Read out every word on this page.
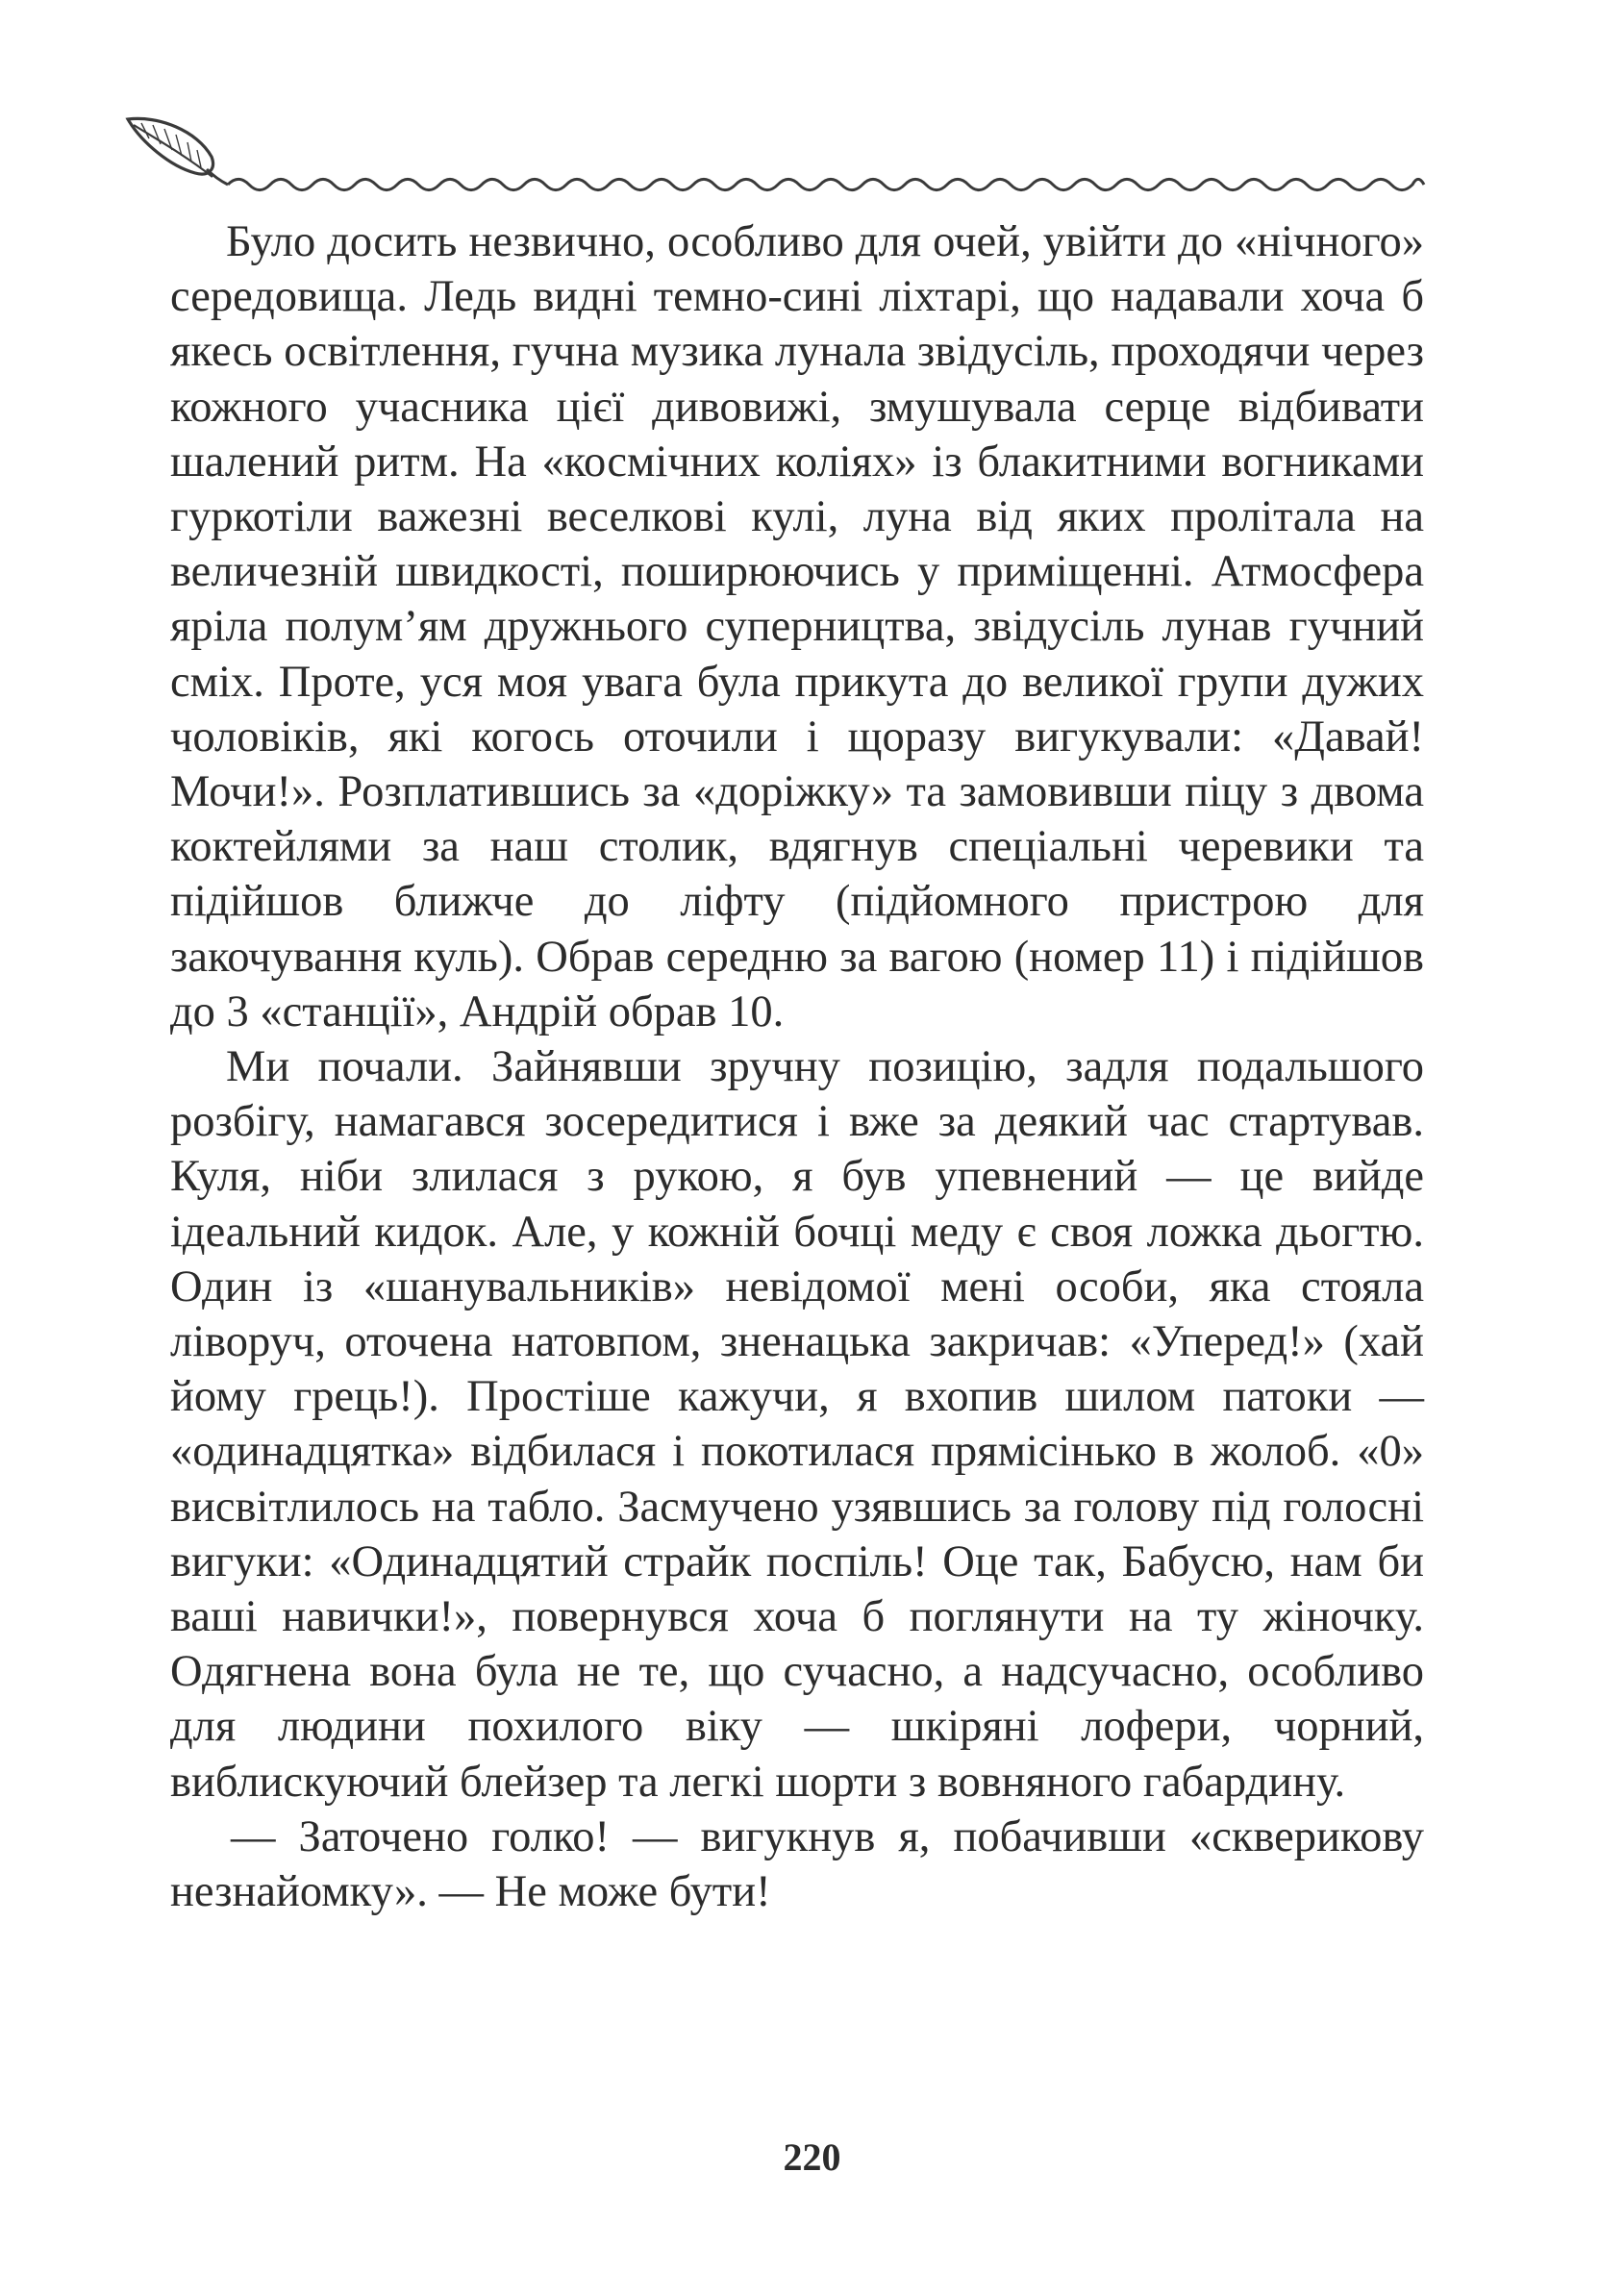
Було досить незвично, особливо для очей, увійти до «нічного» середовища. Ледь видні темно-сині ліхтарі, що надавали хоча б якесь освітлення, гучна музика лунала звідусіль, проходячи через кожного учасника цієї дивовижі, змушувала серце відбивати шалений ритм. На «космічних коліях» із блакитними вогниками гуркотіли важезні веселкові кулі, луна від яких пролітала на величезній швидкості, поширюючись у приміщенні. Атмосфера яріла полум’ям дружнього суперництва, звідусіль лунав гучний сміх. Проте, уся моя увага була прикута до великої групи дужих чоловіків, які когось оточили і щоразу вигукували: «Давай! Мочи!». Розплатившись за «доріжку» та замовивши піцу з двома коктейлями за наш столик, вдягнув спеціальні черевики та підійшов ближче до ліфту (підйомного пристрою для закочування куль). Обрав середню за вагою (номер 11) і підійшов до 3 «станції», Андрій обрав 10.

Ми почали. Зайнявши зручну позицію, задля подальшого розбігу, намагався зосередитися і вже за деякий час стартував. Куля, ніби злилася з рукою, я був упевнений — це вийде ідеальний кидок. Але, у кожній бочці меду є своя ложка дьогтю. Один із «шанувальників» невідомої мені особи, яка стояла ліворуч, оточена натовпом, зненацька закричав: «Уперед!» (хай йому грець!). Простіше кажучи, я вхопив шилом патоки — «одинадцятка» відбилася і покотилася прямісінько в жолоб. «0» висвітлилось на табло. Засмучено узявшись за голову під голосні вигуки: «Одинадцятий страйк поспіль! Оце так, Бабусю, нам би ваші навички!», повернувся хоча б поглянути на ту жіночку. Одягнена вона була не те, що сучасно, а надсучасно, особливо для людини похилого віку — шкіряні лофери, чорний, виблискуючий блейзер та легкі шорти з вовняного габардину.

— Заточено голко! — вигукнув я, побачивши «скверикову незнайомку». — Не може бути!

220
